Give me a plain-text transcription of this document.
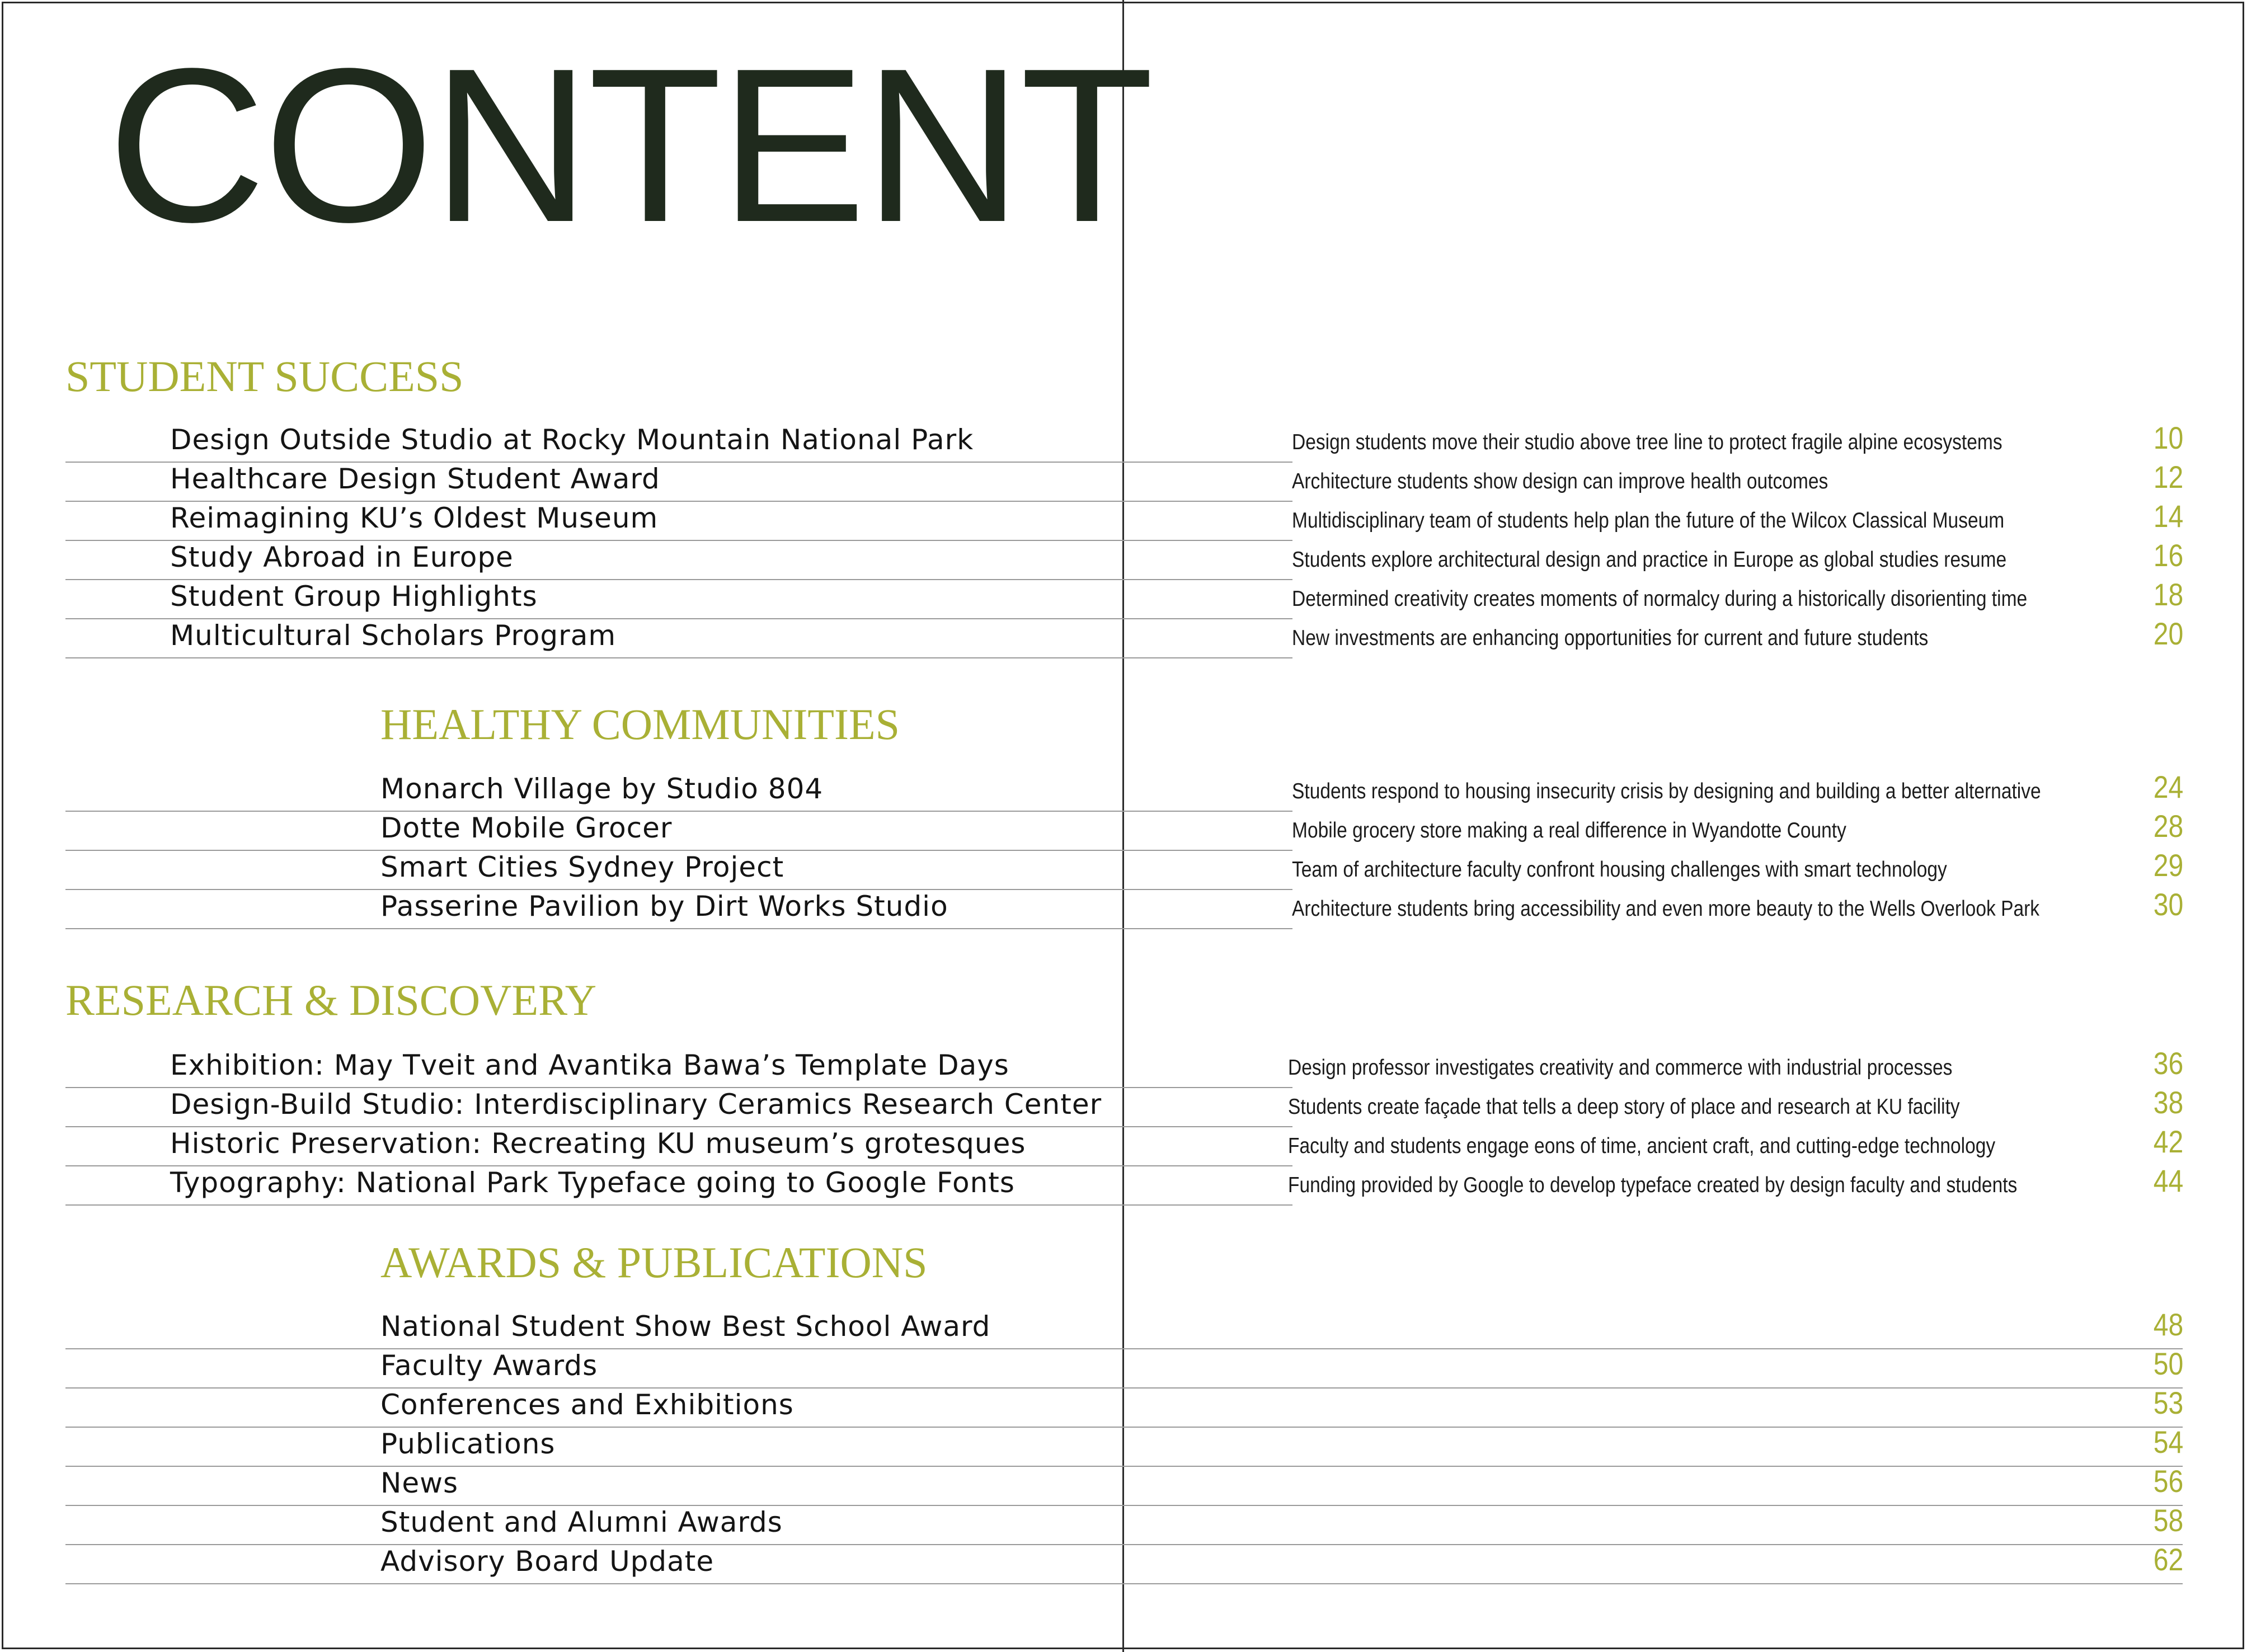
CONTENT
STUDENT SUCCESS

Design Outside Studio at Rocky Mountain National Park	Design students move their studio above tree line to protect fragile alpine ecosystems	10

Healthcare Design Student Award	Architecture students show design can improve health outcomes	12

Reimagining KU’s Oldest Museum	Multidisciplinary team of students help plan the future of the Wilcox Classical Museum	14

Study Abroad in Europe	Students explore architectural design and practice in Europe as global studies resume	16

Student Group Highlights	Determined creativity creates moments of normalcy during a historically disorienting time	18

Multicultural Scholars Program	New investments are enhancing opportunities for current and future students	20

HEALTHY COMMUNITIES

Monarch Village by Studio 804	Students respond to housing insecurity crisis by designing and building a better alternative	24

Dotte Mobile Grocer	Mobile grocery store making a real difference in Wyandotte County	28

Smart Cities Sydney Project	Team of architecture faculty confront housing challenges with smart technology	29

Passerine Pavilion by Dirt Works Studio	Architecture students bring accessibility and even more beauty to the Wells Overlook Park	30

RESEARCH & DISCOVERY

Exhibition: May Tveit and Avantika Bawa’s Template Days	Design professor investigates creativity and commerce with industrial processes	36

Design-Build Studio: Interdisciplinary Ceramics Research Center	Students create façade that tells a deep story of place and research at KU facility	38

Historic Preservation: Recreating KU museum’s grotesques	Faculty and students engage eons of time, ancient craft, and cutting-edge technology	42

Typography: National Park Typeface going to Google Fonts	Funding provided by Google to develop typeface created by design faculty and students	44

AWARDS & PUBLICATIONS

National Student Show Best School Award	48

Faculty Awards	50

Conferences and Exhibitions	53

Publications	54

News	56

Student and Alumni Awards	58

Advisory Board Update	62
